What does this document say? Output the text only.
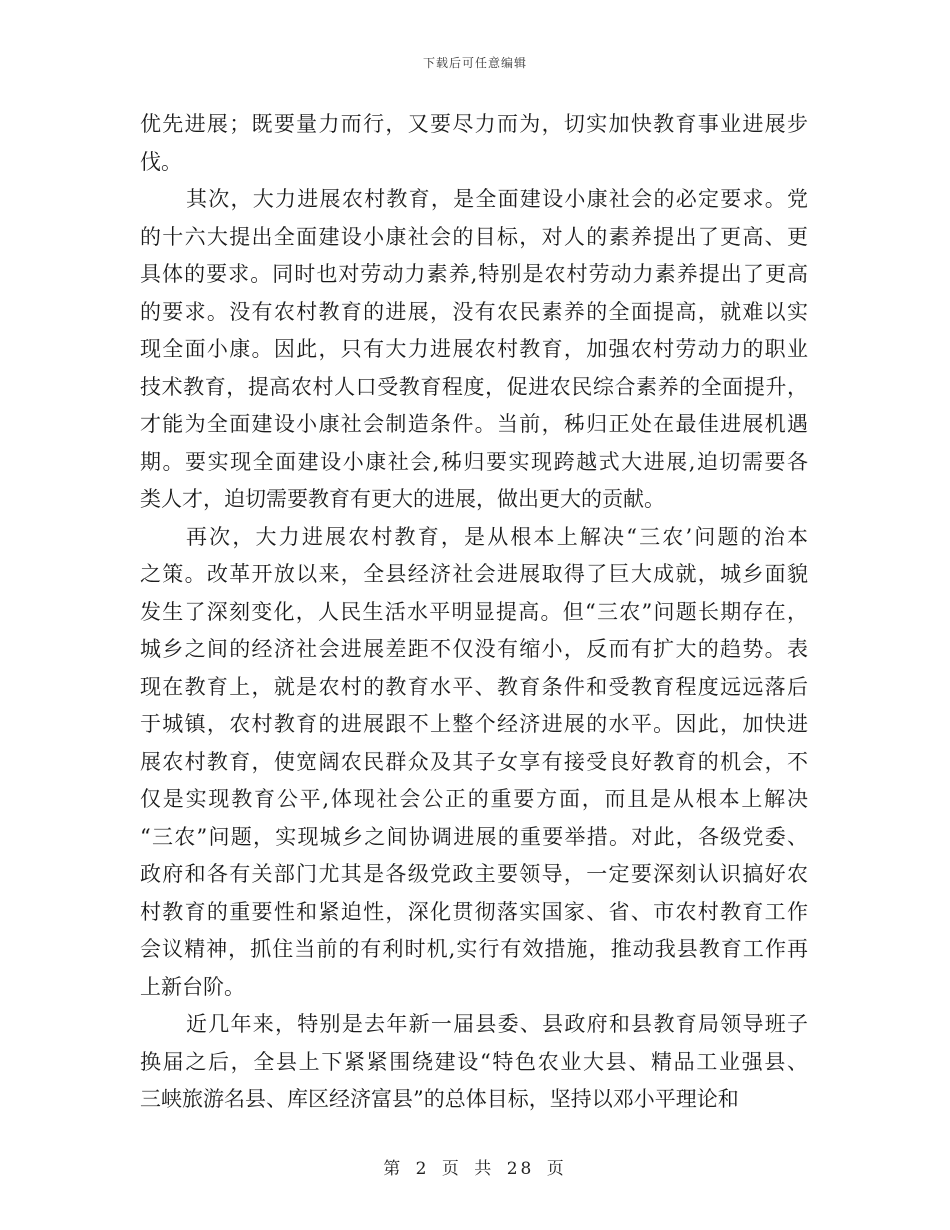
下载后可任意编辑
优先进展；既要量力而行，又要尽力而为，切实加快教育事业进展步
伐。
其次，大力进展农村教育，是全面建设小康社会的必定要求。党
的十六大提出全面建设小康社会的目标，对人的素养提出了更高、更
具体的要求。同时也对劳动力素养,特别是农村劳动力素养提出了更高
的要求。没有农村教育的进展，没有农民素养的全面提高，就难以实
现全面小康。因此，只有大力进展农村教育，加强农村劳动力的职业
技术教育，提高农村人口受教育程度，促进农民综合素养的全面提升，
才能为全面建设小康社会制造条件。当前，秭归正处在最佳进展机遇
期。要实现全面建设小康社会,秭归要实现跨越式大进展,迫切需要各
类人才，迫切需要教育有更大的进展，做出更大的贡献。
再次，大力进展农村教育，是从根本上解决“三农’问题的治本
之策。改革开放以来，全县经济社会进展取得了巨大成就，城乡面貌
发生了深刻变化，人民生活水平明显提高。但“三农”问题长期存在，
城乡之间的经济社会进展差距不仅没有缩小，反而有扩大的趋势。表
现在教育上，就是农村的教育水平、教育条件和受教育程度远远落后
于城镇，农村教育的进展跟不上整个经济进展的水平。因此，加快进
展农村教育，使宽阔农民群众及其子女享有接受良好教育的机会，不
仅是实现教育公平,体现社会公正的重要方面，而且是从根本上解决
“三农”问题，实现城乡之间协调进展的重要举措。对此，各级党委、
政府和各有关部门尤其是各级党政主要领导，一定要深刻认识搞好农
村教育的重要性和紧迫性，深化贯彻落实国家、省、市农村教育工作
会议精神，抓住当前的有利时机,实行有效措施，推动我县教育工作再
上新台阶。
近几年来，特别是去年新一届县委、县政府和县教育局领导班子
换届之后，全县上下紧紧围绕建设“特色农业大县、精品工业强县、
三峡旅游名县、库区经济富县”的总体目标，坚持以邓小平理论和
第 2 页 共 28 页
